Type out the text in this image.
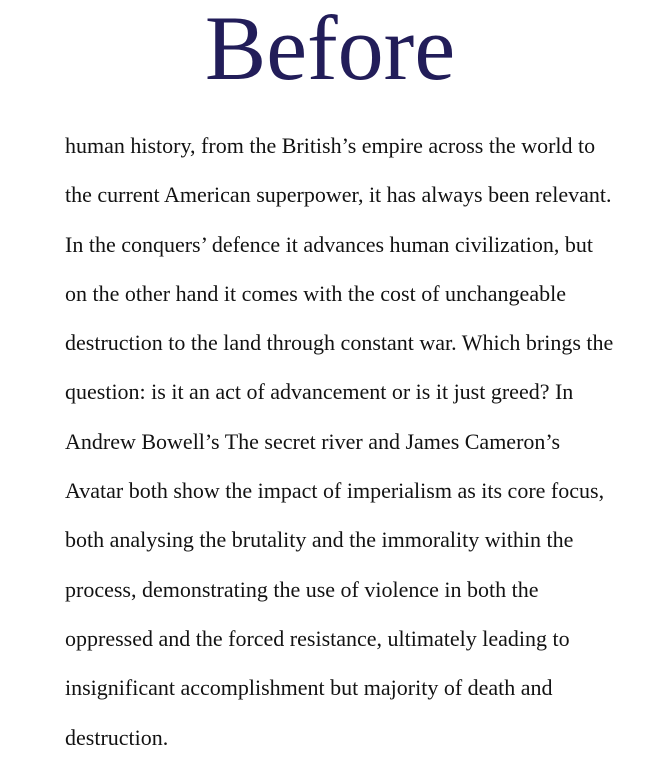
Before
human history, from the British’s empire across the world to
the current American superpower, it has always been relevant.
In the conquers’ defence it advances human civilization, but
on the other hand it comes with the cost of unchangeable
destruction to the land through constant war. Which brings the
question: is it an act of advancement or is it just greed? In
Andrew Bowell’s The secret river and James Cameron’s
Avatar both show the impact of imperialism as its core focus,
both analysing the brutality and the immorality within the
process, demonstrating the use of violence in both the
oppressed and the forced resistance, ultimately leading to
insignificant accomplishment but majority of death and
destruction.
